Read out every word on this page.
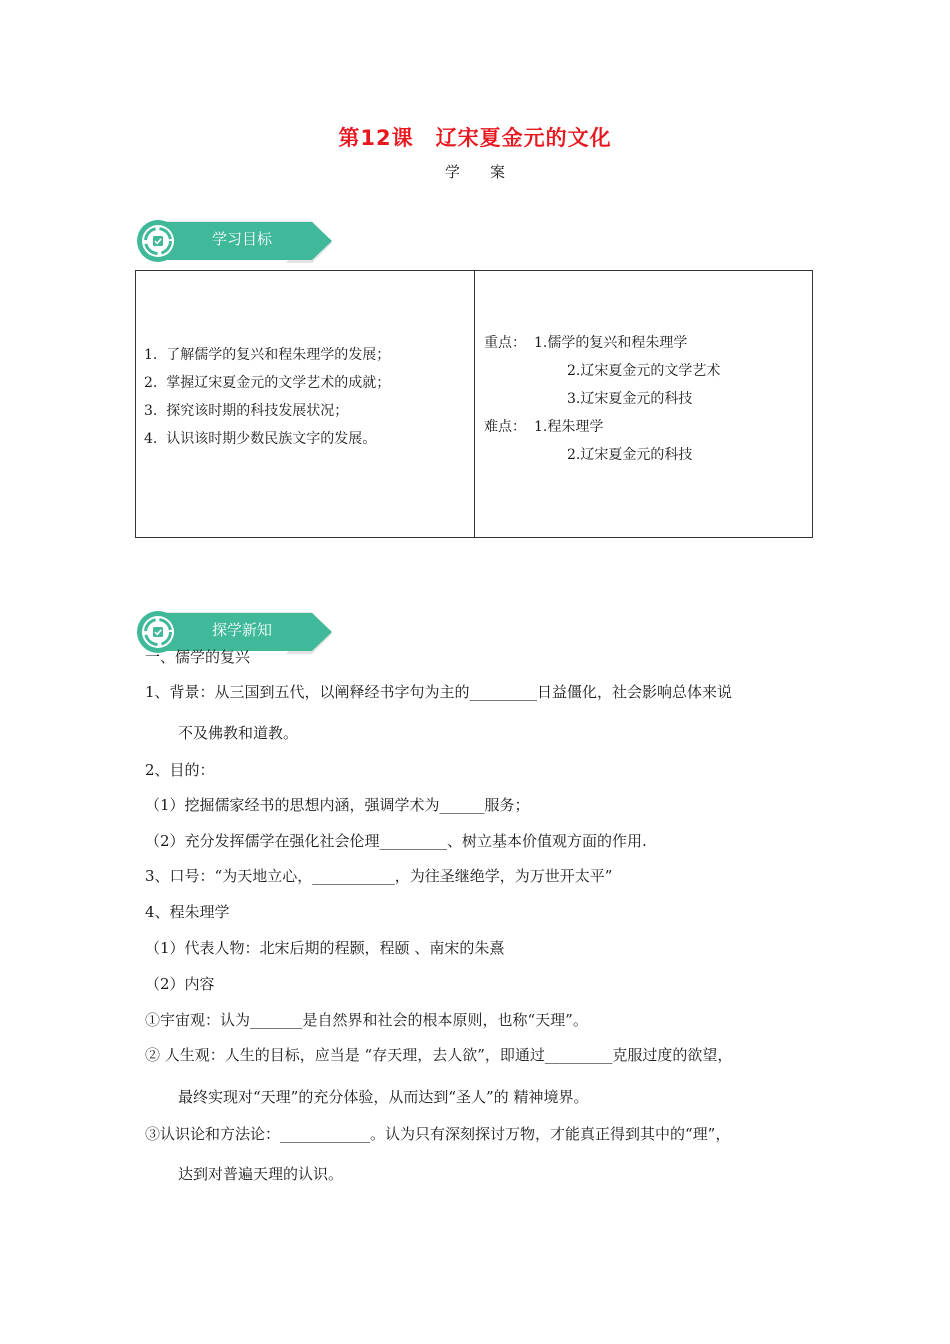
第12课　辽宋夏金元的文化
学案
学习目标
1.  了解儒学的复兴和程朱理学的发展；
2.  掌握辽宋夏金元的文学艺术的成就；
3.  探究该时期的科技发展状况；
4.  认识该时期少数民族文字的发展。
重点： 1.儒学的复兴和程朱理学
2.辽宋夏金元的文学艺术
3.辽宋夏金元的科技
难点： 1.程朱理学
2.辽宋夏金元的科技
探学新知
一、儒学的复兴
1、背景：从三国到五代，以阐释经书字句为主的_________日益僵化，社会影响总体来说
不及佛教和道教。
2、目的：
（1）挖掘儒家经书的思想内涵，强调学术为______服务；
（2）充分发挥儒学在强化社会伦理_________、树立基本价值观方面的作用.
3、口号：“为天地立心，___________，为往圣继绝学，为万世开太平”
4、程朱理学
（1）代表人物：北宋后期的程颢，程颐 、南宋的朱熹
（2）内容
①宇宙观：认为_______是自然界和社会的根本原则，也称“天理”。
② 人生观：人生的目标，应当是 “存天理，去人欲”，即通过_________克服过度的欲望，
最终实现对“天理”的充分体验，从而达到“圣人”的 精神境界。
③认识论和方法论：____________。认为只有深刻探讨万物，才能真正得到其中的“理”，
达到对普遍天理的认识。
